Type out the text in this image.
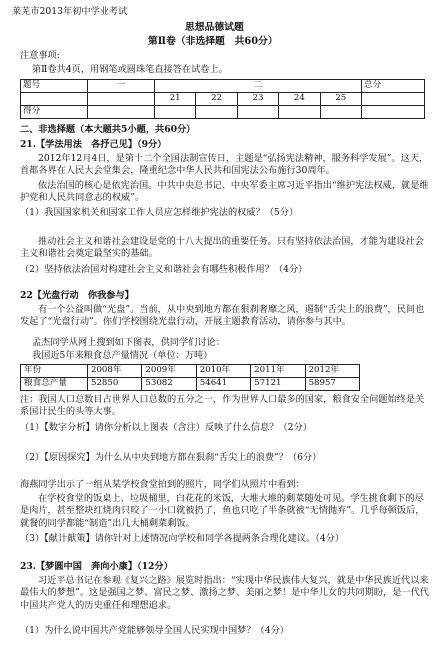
莱芜市2013年初中学业考试
思想品德试题
第Ⅱ卷（非选择题　共60分）
注意事项:
第Ⅱ卷共4页，用钢笔或圆珠笔直接答在试卷上。
题号	一	二					总分
		21	22	23	24	25	
得分							
二、非选择题（本大题共5小题，共60分）
21.【学法用法　各抒己见】（9分）
2012年12月4日，是第十二个全国法制宣传日，主题是“弘扬宪法精神，服务科学发展”。这天，首都各界在人民大会堂集会，隆重纪念中华人民共和国宪法公布施行30周年。
依法治国的核心是依宪治国。中共中央总书记、中央军委主席习近平指出“维护宪法权威，就是维护党和人民共同意志的权威”。
（1）我国国家机关和国家工作人员应怎样维护宪法的权威？（5分）
推动社会主义和谐社会建设是党的十八大提出的重要任务。只有坚持依法治国，才能为建设社会主义和谐社会奠定最坚实的基础。
（2）坚持依法治国对构建社会主义和谐社会有哪些积极作用？（4分）
22【光盘行动　你我参与】
有一个公益叫做“光盘”。当前，从中央到地方都在狠刹奢靡之风，遏制“舌尖上的浪费”，民间也发起了“光盘行动”。你们学校围绕光盘行动，开展主题教育活动，请你参与其中。
孟杰同学从网上搜到如下图表，供同学们讨论：
我国近5年来粮食总产量情况（单位：万吨）
年份	2008年	2009年	2010年	2011年	2012年
粮食总产量	52850	53082	54641	57121	58957
注：我国人口总数目占世界人口总数的五分之一，作为世界人口最多的国家，粮食安全问题始终是关系国计民生的头等大事。
（1）【数字分析】请你分析以上图表（含注）反映了什么信息？（2分）
（2）【原因探究】为什么从中央到地方都在狠刹“舌尖上的浪费”？（6分）
海燕同学出示了一组从某学校食堂拍到的照片，同学们从照片中看到：
在学校食堂的饭桌上、垃圾桶里，白花花的米饭，大堆大堆的剩菜随处可见。学生挑食剩下的尽是肉片，甚至整块红烧肉只咬了一小口就被扔了，鱼也只吃了半条就被“无情抛弃”。几乎每顿饭后，就餐的同学都能“制造”出几大桶剩菜剩饭。
（3）【献计献策】请你针对上述情况向学校和同学各提两条合理化建议。（4分）
23.【梦圆中国　奔向小康】（12分）
习近平总书记在参观《复兴之路》展览时指出：“实现中华民族伟大复兴，就是中华民族近代以来最伟大的梦想”。这是强国之梦、富民之梦、激扬之梦、美丽之梦！是中华儿女的共同期盼，是一代代中国共产党人的历史重任和理想追求。
（1）为什么说中国共产党能够领导全国人民实现中国梦？（4分）
